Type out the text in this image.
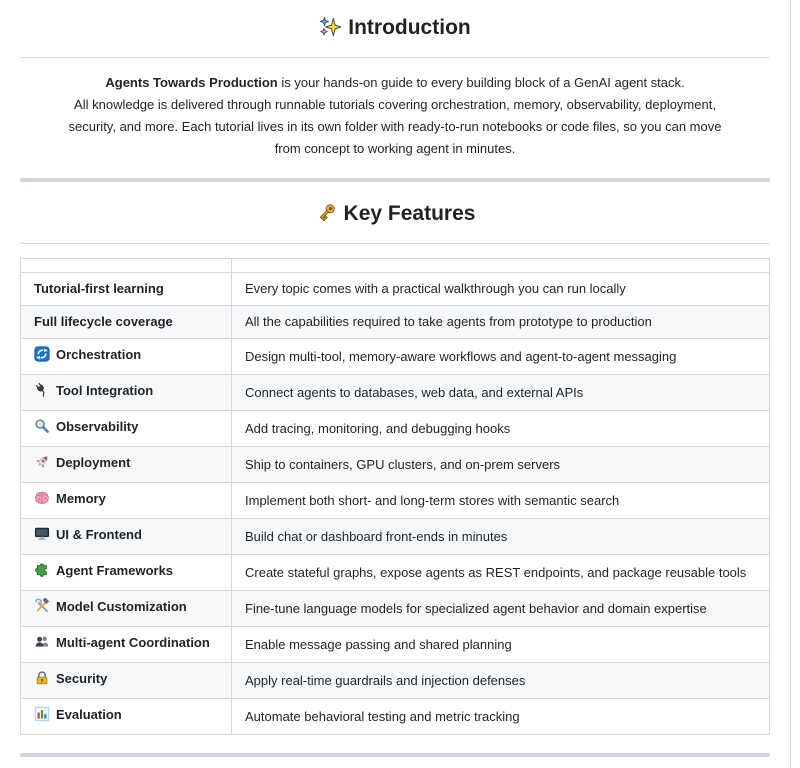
Introduction

Agents Towards Production is your hands-on guide to every building block of a GenAI agent stack.
All knowledge is delivered through runnable tutorials covering orchestration, memory, observability, deployment,
security, and more. Each tutorial lives in its own folder with ready-to-run notebooks or code files, so you can move
from concept to working agent in minutes.

Key Features

Tutorial-first learning	Every topic comes with a practical walkthrough you can run locally
Full lifecycle coverage	All the capabilities required to take agents from prototype to production
Orchestration	Design multi-tool, memory-aware workflows and agent-to-agent messaging
Tool Integration	Connect agents to databases, web data, and external APIs
Observability	Add tracing, monitoring, and debugging hooks
Deployment	Ship to containers, GPU clusters, and on-prem servers
Memory	Implement both short- and long-term stores with semantic search
UI & Frontend	Build chat or dashboard front-ends in minutes
Agent Frameworks	Create stateful graphs, expose agents as REST endpoints, and package reusable tools
Model Customization	Fine-tune language models for specialized agent behavior and domain expertise
Multi-agent Coordination	Enable message passing and shared planning
Security	Apply real-time guardrails and injection defenses
Evaluation	Automate behavioral testing and metric tracking
